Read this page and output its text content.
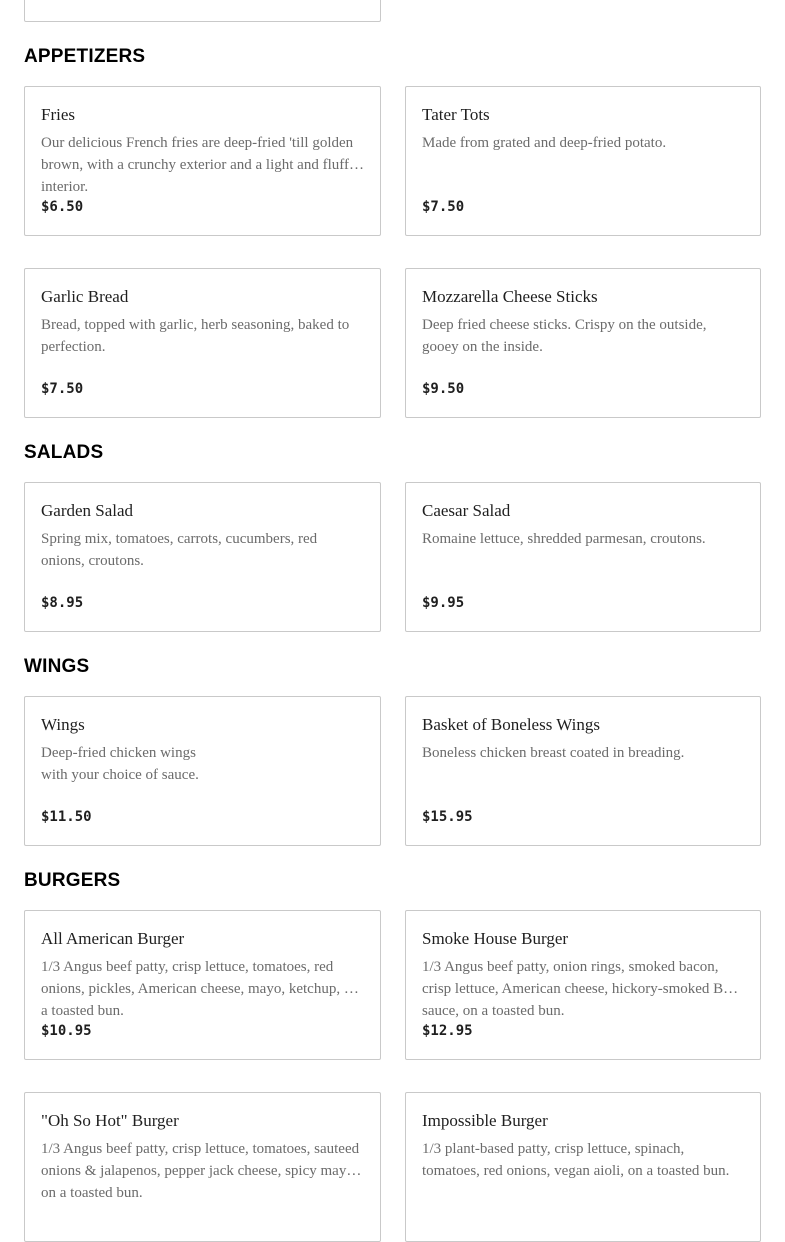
APPETIZERS
Fries
Our delicious French fries are deep-fried 'till golden brown, with a crunchy exterior and a light and fluffy interior.
$6.50
Tater Tots
Made from grated and deep-fried potato.
$7.50
Garlic Bread
Bread, topped with garlic, herb seasoning, baked to perfection.
$7.50
Mozzarella Cheese Sticks
Deep fried cheese sticks. Crispy on the outside, gooey on the inside.
$9.50
SALADS
Garden Salad
Spring mix, tomatoes, carrots, cucumbers, red onions, croutons.
$8.95
Caesar Salad
Romaine lettuce, shredded parmesan, croutons.
$9.95
WINGS
Wings
Deep-fried chicken wings
with your choice of sauce.
$11.50
Basket of Boneless Wings
Boneless chicken breast coated in breading.
$15.95
BURGERS
All American Burger
1/3 Angus beef patty, crisp lettuce, tomatoes, red onions, pickles, American cheese, mayo, ketchup, on a toasted bun.
$10.95
Smoke House Burger
1/3 Angus beef patty, onion rings, smoked bacon, crisp lettuce, American cheese, hickory-smoked BBQ sauce, on a toasted bun.
$12.95
"Oh So Hot" Burger
1/3 Angus beef patty, crisp lettuce, tomatoes, sauteed onions & jalapenos, pepper jack cheese, spicy mayo, on a toasted bun.
Impossible Burger
1/3 plant-based patty, crisp lettuce, spinach, tomatoes, red onions, vegan aioli, on a toasted bun.
